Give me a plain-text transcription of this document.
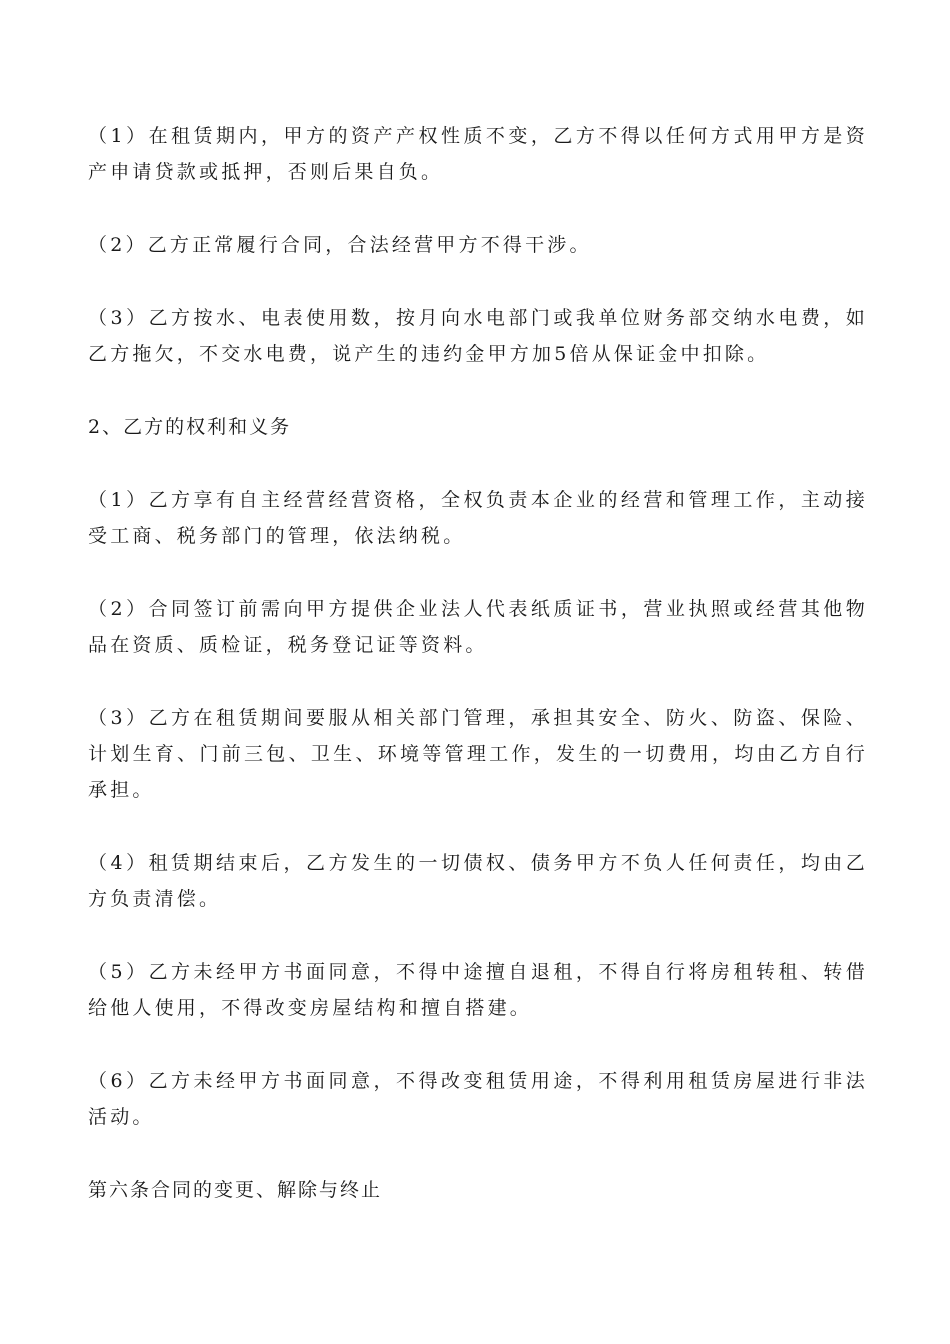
（1）在租赁期内，甲方的资产产权性质不变，乙方不得以任何方式用甲方是资产申请贷款或抵押，否则后果自负。

（2）乙方正常履行合同，合法经营甲方不得干涉。

（3）乙方按水、电表使用数，按月向水电部门或我单位财务部交纳水电费，如乙方拖欠，不交水电费，说产生的违约金甲方加5倍从保证金中扣除。

2、乙方的权利和义务

（1）乙方享有自主经营经营资格，全权负责本企业的经营和管理工作，主动接受工商、税务部门的管理，依法纳税。

（2）合同签订前需向甲方提供企业法人代表纸质证书，营业执照或经营其他物品在资质、质检证，税务登记证等资料。

（3）乙方在租赁期间要服从相关部门管理，承担其安全、防火、防盗、保险、计划生育、门前三包、卫生、环境等管理工作，发生的一切费用，均由乙方自行承担。

（4）租赁期结束后，乙方发生的一切债权、债务甲方不负人任何责任，均由乙方负责清偿。

（5）乙方未经甲方书面同意，不得中途擅自退租，不得自行将房租转租、转借给他人使用，不得改变房屋结构和擅自搭建。

（6）乙方未经甲方书面同意，不得改变租赁用途，不得利用租赁房屋进行非法活动。

第六条合同的变更、解除与终止
